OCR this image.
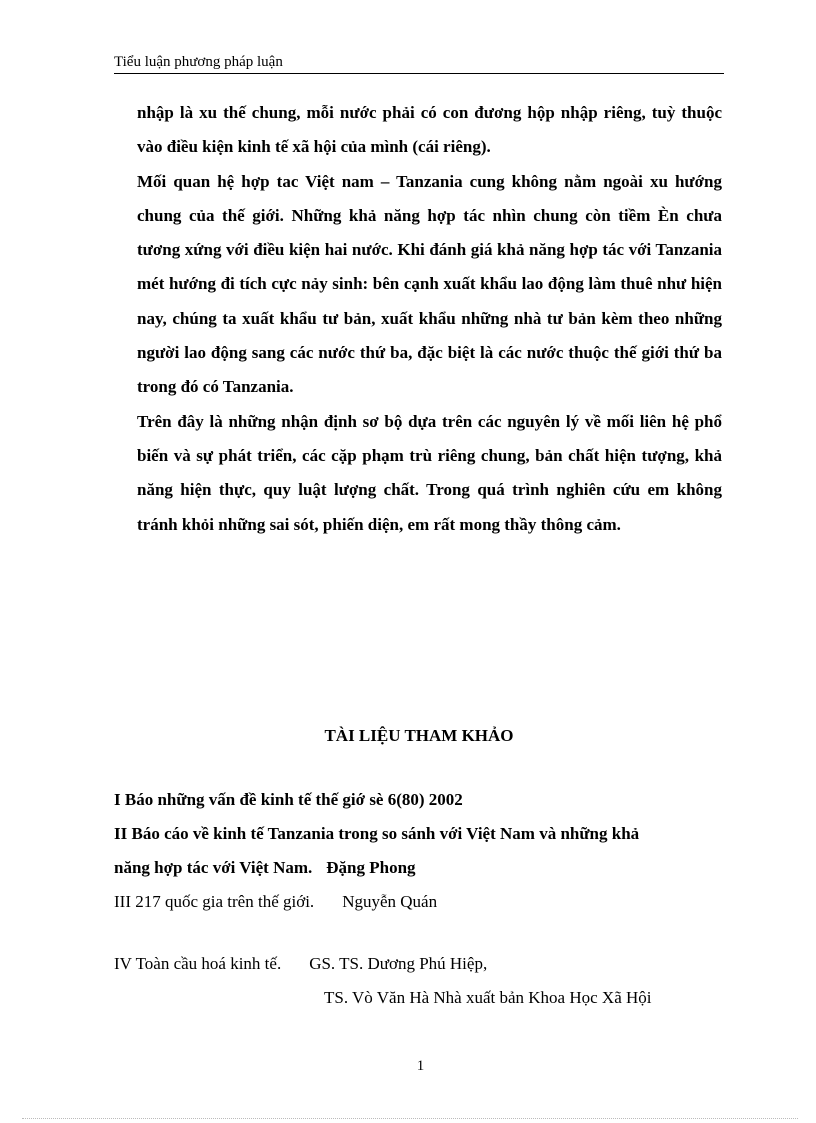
Tiểu luận phương pháp luận

nhập là xu thế chung, mỗi nước phải có con đương hộp nhập riêng, tuỳ thuộc vào điều kiện kinh tế xã hội của mình (cái riêng).

Mối quan hệ hợp tac Việt nam – Tanzania cung không nằm ngoài xu hướng chung của thế giới. Những khả năng hợp tác nhìn chung còn tiềm Èn chưa tương xứng với điều kiện hai nước. Khi đánh giá khả năng hợp tác với Tanzania mét hướng đi tích cực nảy sinh: bên cạnh xuất khẩu lao động làm thuê như hiện nay, chúng ta xuất khẩu tư bản, xuất khẩu những nhà tư bản kèm theo những người lao động sang các nước thứ ba, đặc biệt là các nước thuộc thế giới thứ ba trong đó có Tanzania.

Trên đây là những nhận định sơ bộ dựa trên các nguyên lý về mối liên hệ phổ biến và sự phát triển, các cặp phạm trù riêng chung, bản chất hiện tượng, khả năng hiện thực, quy luật lượng chất. Trong quá trình nghiên cứu em không tránh khỏi những sai sót, phiến diện, em rất mong thầy thông cảm.

TÀI LIỆU THAM KHẢO
I Báo những vấn đề kinh tế thế giớ sè 6(80) 2002
II Báo cáo về kinh tế Tanzania trong so sánh với Việt Nam và những khả
năng hợp tác với Việt Nam. Đặng Phong
III 217 quốc gia trên thế giới. Nguyễn Quán
IV Toàn cầu hoá kinh tế. GS. TS. Dương Phú Hiệp,
TS. Vò Văn Hà Nhà xuất bản Khoa Học Xã Hội
1
